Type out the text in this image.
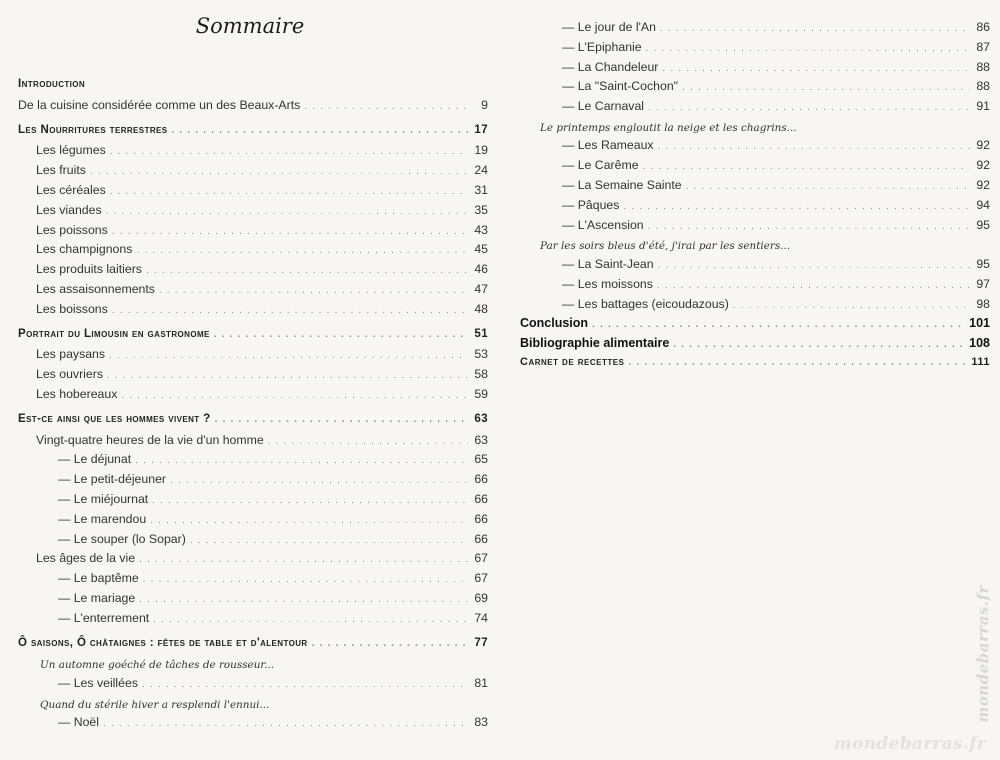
Sommaire
Introduction
De la cuisine considérée comme un des Beaux-Arts . . .	9
Les Nourritures terrestres . . .	17
Les légumes . . .	19
Les fruits . . .	24
Les céréales . . .	31
Les viandes . . .	35
Les poissons . . .	43
Les champignons . . .	45
Les produits laitiers . . .	46
Les assaisonnements . . .	47
Les boissons . . .	48
Portrait du Limousin en gastronome . . .	51
Les paysans . . .	53
Les ouvriers . . .	58
Les hobereaux . . .	59
Est-ce ainsi que les hommes vivent ? . . .	63
Vingt-quatre heures de la vie d'un homme . . .	63
— Le déjunat . . .	65
— Le petit-déjeuner . . .	66
— Le miéjournat . . .	66
— Le marendou . . .	66
— Le souper (lo Sopar) . . .	66
Les âges de la vie . . .	67
— Le baptême . . .	67
— Le mariage . . .	69
— L'enterrement . . .	74
Ô saisons, Ô châtaignes : fêtes de table et d'alentour . . .	77
Un automne goéché de tâches de rousseur...
— Les veillées . . .	81
Quand du stérile hiver a resplendi l'ennui...
— Noël . . .	83
— Le jour de l'An . . .	86
— L'Epiphanie . . .	87
— La Chandeleur . . .	88
— La "Saint-Cochon" . . .	88
— Le Carnaval . . .	91
Le printemps engloutit la neige et les chagrins...
— Les Rameaux . . .	92
— Le Carême . . .	92
— La Semaine Sainte . . .	92
— Pâques . . .	94
— L'Ascension . . .	95
Par les soirs bleus d'été, j'irai par les sentiers...
— La Saint-Jean . . .	95
— Les moissons . . .	97
— Les battages (eicoudazous) . . .	98
Conclusion . . .	101
Bibliographie alimentaire . . .	108
Carnet de recettes . . .	111
mondebarras.fr
mondebarras.fr
